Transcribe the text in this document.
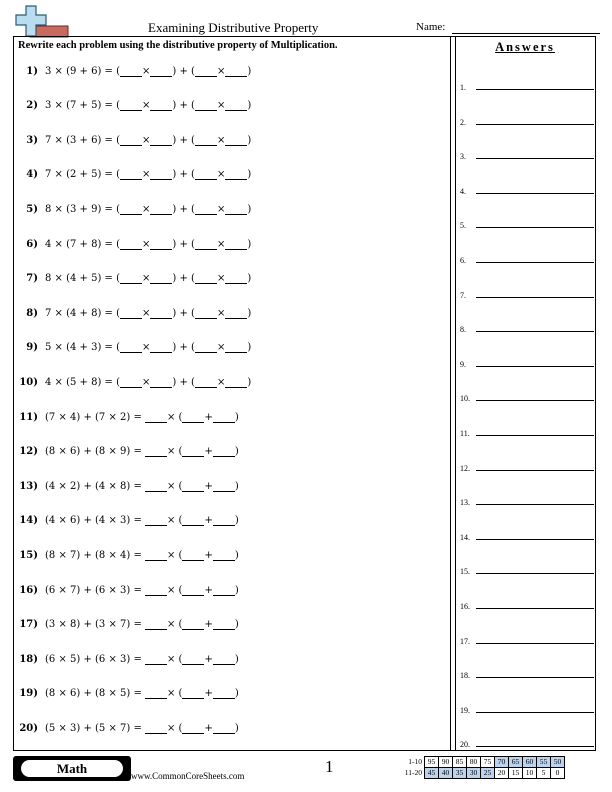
Examining Distributive Property	Name:
Rewrite each problem using the distributive property of Multiplication.
1) 3 × (9 + 6) = ( × ) + ( × )
2) 3 × (7 + 5) = ( × ) + ( × )
3) 7 × (3 + 6) = ( × ) + ( × )
4) 7 × (2 + 5) = ( × ) + ( × )
5) 8 × (3 + 9) = ( × ) + ( × )
6) 4 × (7 + 8) = ( × ) + ( × )
7) 8 × (4 + 5) = ( × ) + ( × )
8) 7 × (4 + 8) = ( × ) + ( × )
9) 5 × (4 + 3) = ( × ) + ( × )
10) 4 × (5 + 8) = ( × ) + ( × )
11) (7 × 4) + (7 × 2) = × ( + )
12) (8 × 6) + (8 × 9) = × ( + )
13) (4 × 2) + (4 × 8) = × ( + )
14) (4 × 6) + (4 × 3) = × ( + )
15) (8 × 7) + (8 × 4) = × ( + )
16) (6 × 7) + (6 × 3) = × ( + )
17) (3 × 8) + (3 × 7) = × ( + )
18) (6 × 5) + (6 × 3) = × ( + )
19) (8 × 6) + (8 × 5) = × ( + )
20) (5 × 3) + (5 × 7) = × ( + )
Answers
1.
2.
3.
4.
5.
6.
7.
8.
9.
10.
11.
12.
13.
14.
15.
16.
17.
18.
19.
20.
Math	www.CommonCoreSheets.com	1	1-10	95	90	85	80	75	70	65	60	55	50
11-20	45	40	35	30	25	20	15	10	5	0
